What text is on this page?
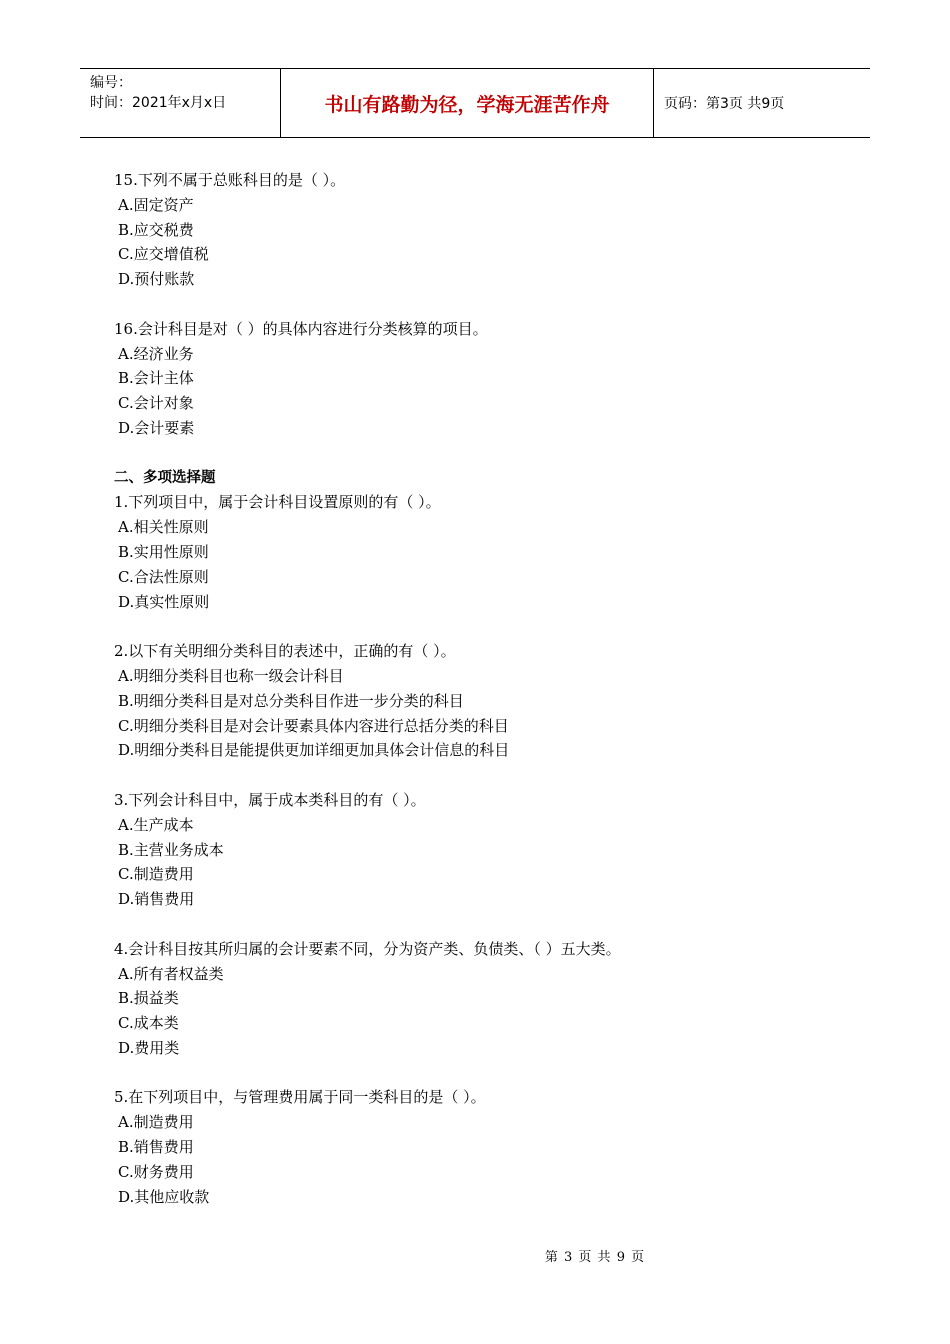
编号：
时间：2021年x月x日	书山有路勤为径，学海无涯苦作舟	页码：第3页 共9页
15.下列不属于总账科目的是（ ）。
A.固定资产
B.应交税费
C.应交增值税
D.预付账款
16.会计科目是对（ ）的具体内容进行分类核算的项目。
A.经济业务
B.会计主体
C.会计对象
D.会计要素
二、多项选择题
1.下列项目中，属于会计科目设置原则的有（ ）。
A.相关性原则
B.实用性原则
C.合法性原则
D.真实性原则
2.以下有关明细分类科目的表述中，正确的有（ ）。
A.明细分类科目也称一级会计科目
B.明细分类科目是对总分类科目作进一步分类的科目
C.明细分类科目是对会计要素具体内容进行总括分类的科目
D.明细分类科目是能提供更加详细更加具体会计信息的科目
3.下列会计科目中，属于成本类科目的有（ ）。
A.生产成本
B.主营业务成本
C.制造费用
D.销售费用
4.会计科目按其所归属的会计要素不同，分为资产类、负债类、（ ）五大类。
A.所有者权益类
B.损益类
C.成本类
D.费用类
5.在下列项目中，与管理费用属于同一类科目的是（ ）。
A.制造费用
B.销售费用
C.财务费用
D.其他应收款
第 3 页 共 9 页
